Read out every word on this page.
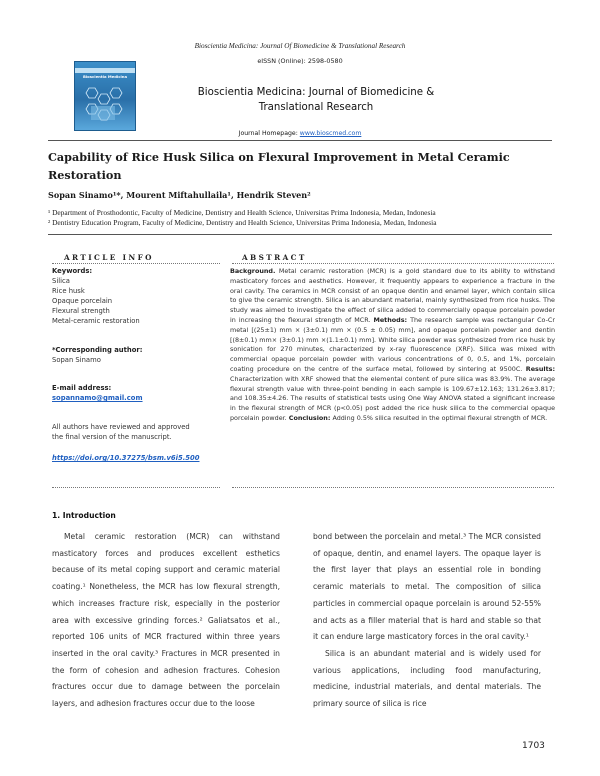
Bioscientia Medicina: Journal Of Biomedicine & Translational Research
Bioscientia Medicina
eISSN (Online): 2598-0580
Bioscientia Medicina: Journal of Biomedicine &
Translational Research
Journal Homepage: www.bioscmed.com
Capability of Rice Husk Silica on Flexural Improvement in Metal Ceramic
Restoration
Sopan Sinamo¹*, Mourent Miftahullaila¹, Hendrik Steven²
¹ Department of Prosthodontic, Faculty of Medicine, Dentistry and Health Science, Universitas Prima Indonesia, Medan, Indonesia
² Dentistry Education Program, Faculty of Medicine, Dentistry and Health Science, Universitas Prima Indonesia, Medan, Indonesia
ARTICLE INFO	ABSTRACT
Keywords:
Silica
Rice husk
Opaque porcelain
Flexural strength
Metal-ceramic restoration
*Corresponding author:
Sopan Sinamo
E-mail address:
sopannamo@gmail.com
All authors have reviewed and approved
the final version of the manuscript.
https://doi.org/10.37275/bsm.v6i5.500
Background. Metal ceramic restoration (MCR) is a gold standard due to its ability to withstand masticatory forces and aesthetics. However, it frequently appears to experience a fracture in the oral cavity. The ceramics in MCR consist of an opaque dentin and enamel layer, which contain silica to give the ceramic strength. Silica is an abundant material, mainly synthesized from rice husks. The study was aimed to investigate the effect of silica added to commercially opaque porcelain powder in increasing the flexural strength of MCR. Methods: The research sample was rectangular Co-Cr metal [(25±1) mm × (3±0.1) mm × (0.5 ± 0.05) mm], and opaque porcelain powder and dentin [(8±0.1) mm× (3±0.1) mm ×(1.1±0.1) mm]. White silica powder was synthesized from rice husk by sonication for 270 minutes, characterized by x-ray fluorescence (XRF). Silica was mixed with commercial opaque porcelain powder with various concentrations of 0, 0.5, and 1%, porcelain coating procedure on the centre of the surface metal, followed by sintering at 9500C. Results: Characterization with XRF showed that the elemental content of pure silica was 83.9%. The average flexural strength value with three-point bending in each sample is 109.67±12.163; 131.26±3.817; and 108.35±4.26. The results of statistical tests using One Way ANOVA stated a significant increase in the flexural strength of MCR (p<0.05) post added the rice husk silica to the commercial opaque porcelain powder. Conclusion: Adding 0.5% silica resulted in the optimal flexural strength of MCR.
1. Introduction

Metal ceramic restoration (MCR) can withstand masticatory forces and produces excellent esthetics because of its metal coping support and ceramic material coating.¹ Nonetheless, the MCR has low flexural strength, which increases fracture risk, especially in the posterior area with excessive grinding forces.² Galiatsatos et al., reported 106 units of MCR fractured within three years inserted in the oral cavity.³ Fractures in MCR presented in the form of cohesion and adhesion fractures. Cohesion fractures occur due to damage between the porcelain layers, and adhesion fractures occur due to the loose

bond between the porcelain and metal.³ The MCR consisted of opaque, dentin, and enamel layers. The opaque layer is the first layer that plays an essential role in bonding ceramic materials to metal. The composition of silica particles in commercial opaque porcelain is around 52-55% and acts as a filler material that is hard and stable so that it can endure large masticatory forces in the oral cavity.¹

Silica is an abundant material and is widely used for various applications, including food manufacturing, medicine, industrial materials, and dental materials. The primary source of silica is rice

1703
